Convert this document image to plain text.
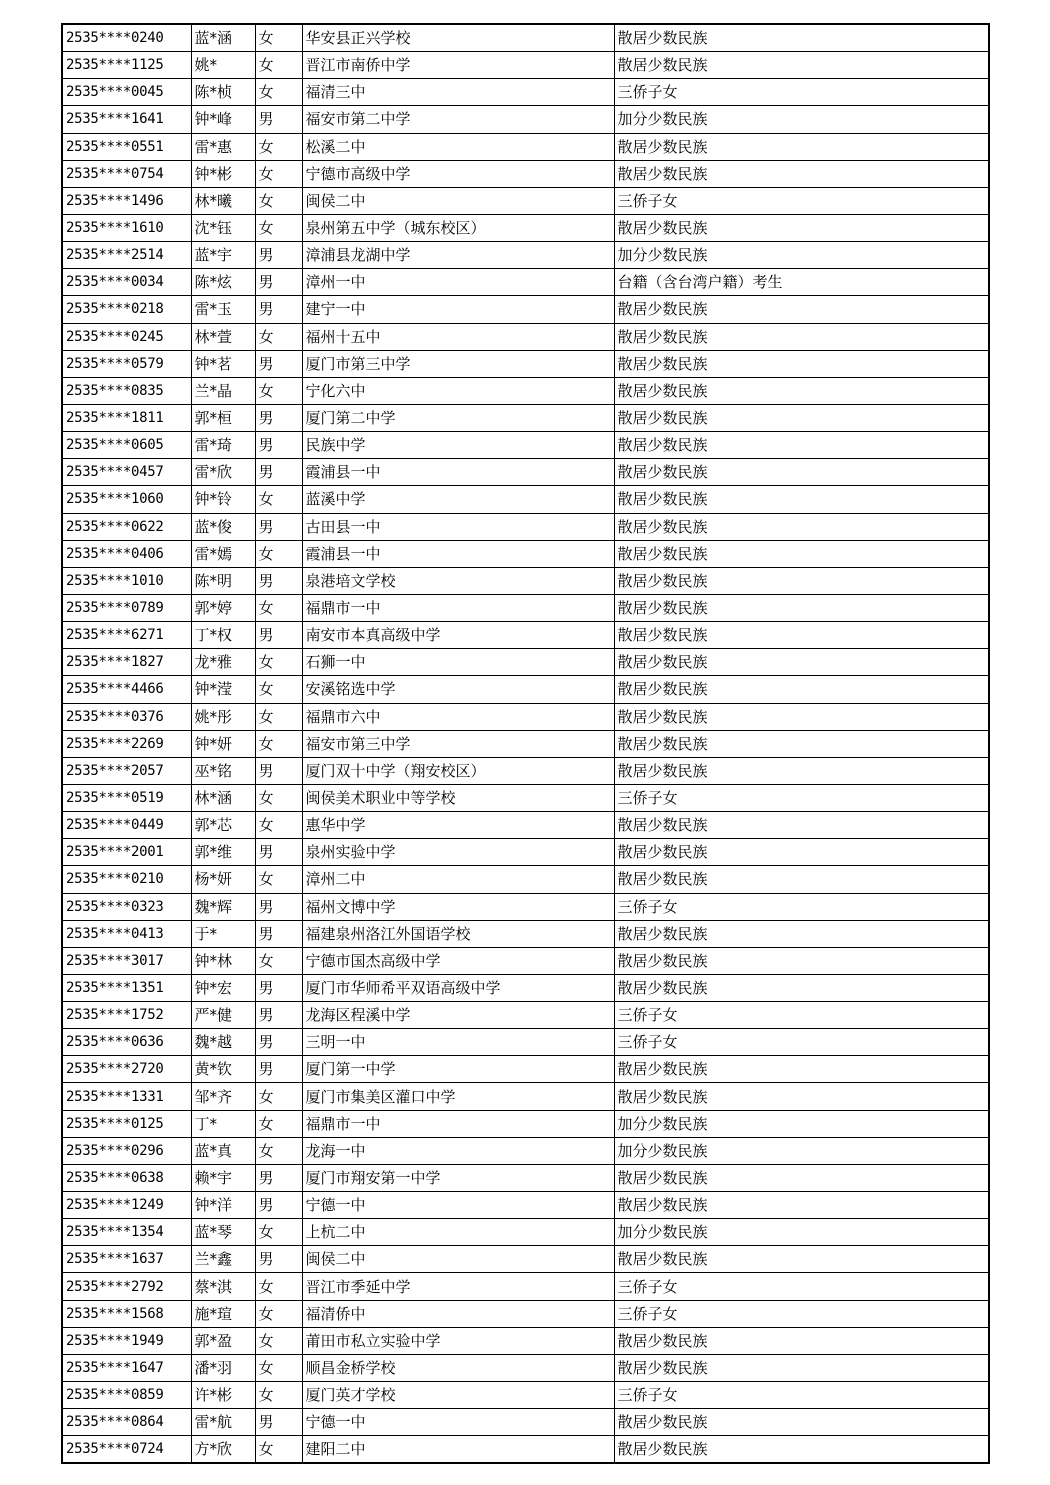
2535****0240	蓝*涵	女	华安县正兴学校	散居少数民族
2535****1125	姚*	女	晋江市南侨中学	散居少数民族
2535****0045	陈*桢	女	福清三中	三侨子女
2535****1641	钟*峰	男	福安市第二中学	加分少数民族
2535****0551	雷*惠	女	松溪二中	散居少数民族
2535****0754	钟*彬	女	宁德市高级中学	散居少数民族
2535****1496	林*曦	女	闽侯二中	三侨子女
2535****1610	沈*钰	女	泉州第五中学（城东校区）	散居少数民族
2535****2514	蓝*宇	男	漳浦县龙湖中学	加分少数民族
2535****0034	陈*炫	男	漳州一中	台籍（含台湾户籍）考生
2535****0218	雷*玉	男	建宁一中	散居少数民族
2535****0245	林*萱	女	福州十五中	散居少数民族
2535****0579	钟*茗	男	厦门市第三中学	散居少数民族
2535****0835	兰*晶	女	宁化六中	散居少数民族
2535****1811	郭*桓	男	厦门第二中学	散居少数民族
2535****0605	雷*琦	男	民族中学	散居少数民族
2535****0457	雷*欣	男	霞浦县一中	散居少数民族
2535****1060	钟*铃	女	蓝溪中学	散居少数民族
2535****0622	蓝*俊	男	古田县一中	散居少数民族
2535****0406	雷*嫣	女	霞浦县一中	散居少数民族
2535****1010	陈*明	男	泉港培文学校	散居少数民族
2535****0789	郭*婷	女	福鼎市一中	散居少数民族
2535****6271	丁*权	男	南安市本真高级中学	散居少数民族
2535****1827	龙*雅	女	石狮一中	散居少数民族
2535****4466	钟*滢	女	安溪铭选中学	散居少数民族
2535****0376	姚*彤	女	福鼎市六中	散居少数民族
2535****2269	钟*妍	女	福安市第三中学	散居少数民族
2535****2057	巫*铭	男	厦门双十中学（翔安校区）	散居少数民族
2535****0519	林*涵	女	闽侯美术职业中等学校	三侨子女
2535****0449	郭*芯	女	惠华中学	散居少数民族
2535****2001	郭*维	男	泉州实验中学	散居少数民族
2535****0210	杨*妍	女	漳州二中	散居少数民族
2535****0323	魏*辉	男	福州文博中学	三侨子女
2535****0413	于*	男	福建泉州洛江外国语学校	散居少数民族
2535****3017	钟*林	女	宁德市国杰高级中学	散居少数民族
2535****1351	钟*宏	男	厦门市华师希平双语高级中学	散居少数民族
2535****1752	严*健	男	龙海区程溪中学	三侨子女
2535****0636	魏*越	男	三明一中	三侨子女
2535****2720	黄*钦	男	厦门第一中学	散居少数民族
2535****1331	邹*齐	女	厦门市集美区灌口中学	散居少数民族
2535****0125	丁*	女	福鼎市一中	加分少数民族
2535****0296	蓝*真	女	龙海一中	加分少数民族
2535****0638	赖*宇	男	厦门市翔安第一中学	散居少数民族
2535****1249	钟*洋	男	宁德一中	散居少数民族
2535****1354	蓝*琴	女	上杭二中	加分少数民族
2535****1637	兰*鑫	男	闽侯二中	散居少数民族
2535****2792	蔡*淇	女	晋江市季延中学	三侨子女
2535****1568	施*瑄	女	福清侨中	三侨子女
2535****1949	郭*盈	女	莆田市私立实验中学	散居少数民族
2535****1647	潘*羽	女	顺昌金桥学校	散居少数民族
2535****0859	许*彬	女	厦门英才学校	三侨子女
2535****0864	雷*航	男	宁德一中	散居少数民族
2535****0724	方*欣	女	建阳二中	散居少数民族
